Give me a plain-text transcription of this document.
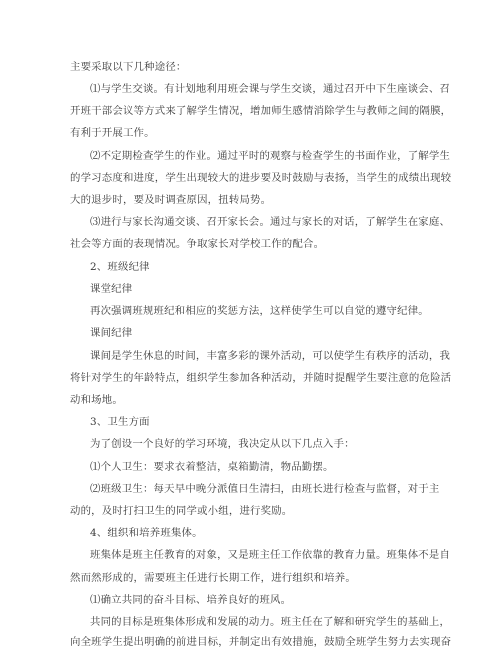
主要采取以下几种途径：
⑴与学生交谈。有计划地利用班会课与学生交谈，通过召开中下生座谈会、召
开班干部会议等方式来了解学生情况，增加师生感情消除学生与教师之间的隔膜，
有利于开展工作。
⑵不定期检查学生的作业。通过平时的观察与检查学生的书面作业，了解学生
的学习态度和进度，学生出现较大的进步要及时鼓励与表扬，当学生的成绩出现较
大的退步时，要及时调查原因，扭转局势。
⑶进行与家长沟通交谈、召开家长会。通过与家长的对话，了解学生在家庭、
社会等方面的表现情况。争取家长对学校工作的配合。
2、班级纪律
课堂纪律
再次强调班规班纪和相应的奖惩方法，这样使学生可以自觉的遵守纪律。
课间纪律
课间是学生休息的时间，丰富多彩的课外活动，可以使学生有秩序的活动，我
将针对学生的年龄特点，组织学生参加各种活动，并随时提醒学生要注意的危险活
动和场地。
3、卫生方面
为了创设一个良好的学习环境，我决定从以下几点入手：
⑴个人卫生：要求衣着整洁，桌箱勤清，物品勤摆。
⑵班级卫生：每天早中晚分派值日生清扫，由班长进行检查与监督，对于主
动的，及时打扫卫生的同学或小组，进行奖励。
4、组织和培养班集体。
班集体是班主任教育的对象，又是班主任工作依靠的教育力量。班集体不是自
然而然形成的，需要班主任进行长期工作，进行组织和培养。
⑴确立共同的奋斗目标、培养良好的班风。
共同的目标是班集体形成和发展的动力。班主任在了解和研究学生的基础上，
向全班学生提出明确的前进目标，并制定出有效措施，鼓励全班学生努力去实现奋
